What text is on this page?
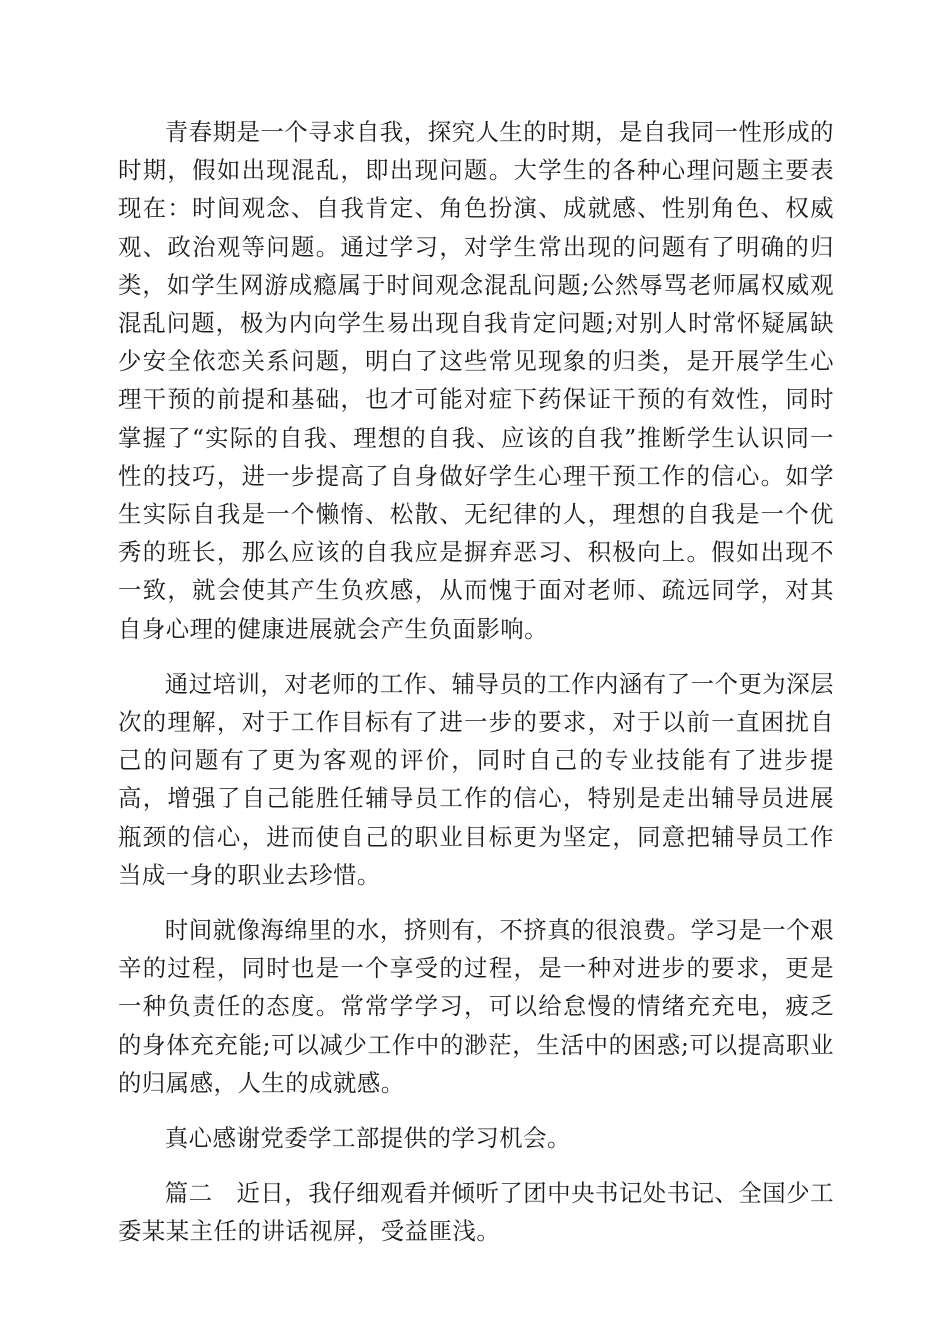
青春期是一个寻求自我，探究人生的时期，是自我同一性形成的时期，假如出现混乱，即出现问题。大学生的各种心理问题主要表现在：时间观念、自我肯定、角色扮演、成就感、性别角色、权威观、政治观等问题。通过学习，对学生常出现的问题有了明确的归类，如学生网游成瘾属于时间观念混乱问题;公然辱骂老师属权威观混乱问题，极为内向学生易出现自我肯定问题;对别人时常怀疑属缺少安全依恋关系问题，明白了这些常见现象的归类，是开展学生心理干预的前提和基础，也才可能对症下药保证干预的有效性，同时掌握了“实际的自我、理想的自我、应该的自我”推断学生认识同一性的技巧，进一步提高了自身做好学生心理干预工作的信心。如学生实际自我是一个懒惰、松散、无纪律的人，理想的自我是一个优秀的班长，那么应该的自我应是摒弃恶习、积极向上。假如出现不一致，就会使其产生负疚感，从而愧于面对老师、疏远同学，对其自身心理的健康进展就会产生负面影响。

通过培训，对老师的工作、辅导员的工作内涵有了一个更为深层次的理解，对于工作目标有了进一步的要求，对于以前一直困扰自己的问题有了更为客观的评价，同时自己的专业技能有了进步提高，增强了自己能胜任辅导员工作的信心，特别是走出辅导员进展瓶颈的信心，进而使自己的职业目标更为坚定，同意把辅导员工作当成一身的职业去珍惜。

时间就像海绵里的水，挤则有，不挤真的很浪费。学习是一个艰辛的过程，同时也是一个享受的过程，是一种对进步的要求，更是一种负责任的态度。常常学学习，可以给怠慢的情绪充充电，疲乏的身体充充能;可以减少工作中的渺茫，生活中的困惑;可以提高职业的归属感，人生的成就感。

真心感谢党委学工部提供的学习机会。

篇二　近日，我仔细观看并倾听了团中央书记处书记、全国少工委某某主任的讲话视屏，受益匪浅。
